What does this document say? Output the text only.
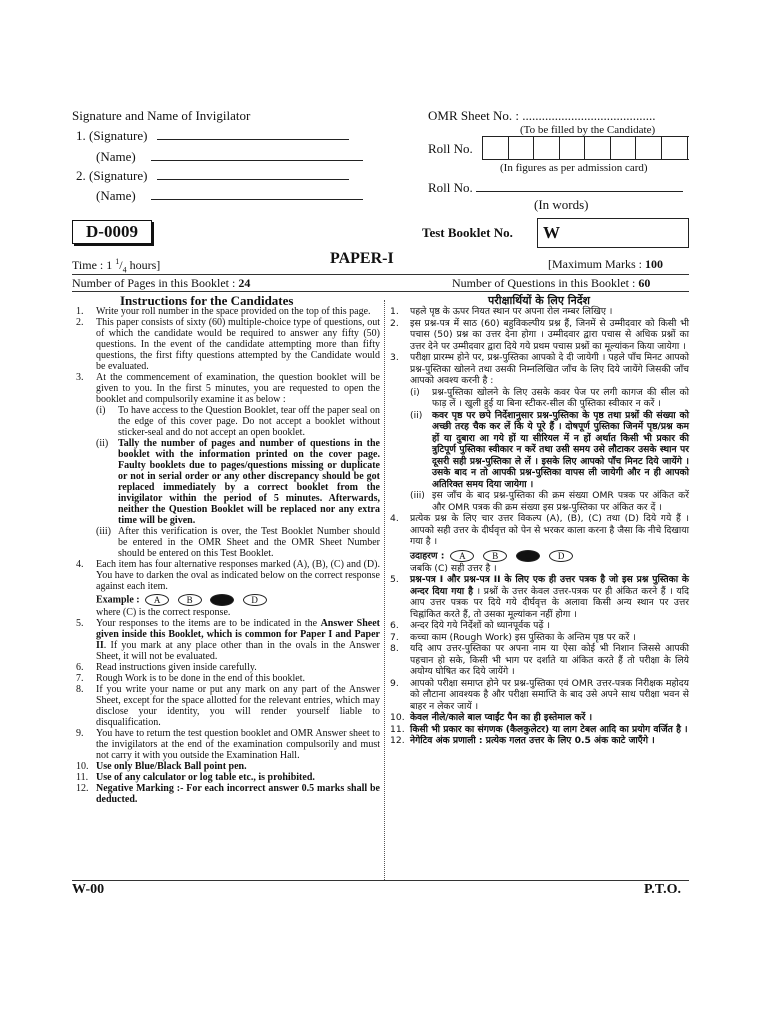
Signature and Name of Invigilator
1. (Signature)
(Name)
2. (Signature)
(Name)
OMR Sheet No. : .........................................
(To be filled by the Candidate)
Roll No.
(In figures as per admission card)
Roll No.
(In words)
D-0009	Test Booklet No. W
Time : 1 $^1/_4$ hours]	PAPER-I	[Maximum Marks : 100
Number of Pages in this Booklet : 24	Number of Questions in this Booklet : 60
Instructions for the Candidates
1. Write your roll number in the space provided on the top of this page.
2. This paper consists of sixty (60) multiple-choice type of questions, out of which the candidate would be required to answer any fifty (50) questions. In the event of the candidate attempting more than fifty questions, the first fifty questions attempted by the Candidate would be evaluated.
3. At the commencement of examination, the question booklet will be given to you. In the first 5 minutes, you are requested to open the booklet and compulsorily examine it as below :
(i) To have access to the Question Booklet, tear off the paper seal on the edge of this cover page. Do not accept a booklet without sticker-seal and do not accept an open booklet.
(ii) Tally the number of pages and number of questions in the booklet with the information printed on the cover page. Faulty booklets due to pages/questions missing or duplicate or not in serial order or any other discrepancy should be got replaced immediately by a correct booklet from the invigilator within the period of 5 minutes. Afterwards, neither the Question Booklet will be replaced nor any extra time will be given.
(iii) After this verification is over, the Test Booklet Number should be entered in the OMR Sheet and the OMR Sheet Number should be entered on this Test Booklet.
4. Each item has four alternative responses marked (A), (B), (C) and (D). You have to darken the oval as indicated below on the correct response against each item.
Example : A	B	C	D
where (C) is the correct response.
5. Your responses to the items are to be indicated in the Answer Sheet given inside this Booklet, which is common for Paper I and Paper II. If you mark at any place other than in the ovals in the Answer Sheet, it will not be evaluated.
6. Read instructions given inside carefully.
7. Rough Work is to be done in the end of this booklet.
8. If you write your name or put any mark on any part of the Answer Sheet, except for the space allotted for the relevant entries, which may disclose your identity, you will render yourself liable to disqualification.
9. You have to return the test question booklet and OMR Answer sheet to the invigilators at the end of the examination compulsorily and must not carry it with you outside the Examination Hall.
10. Use only Blue/Black Ball point pen.
11. Use of any calculator or log table etc., is prohibited.
12. Negative Marking :- For each incorrect answer 0.5 marks shall be deducted.
परीक्षार्थियों के लिए निर्देश
1. पहले पृष्ठ के ऊपर नियत स्थान पर अपना रोल नम्बर लिखिए ।
2. इस प्रश्न-पत्र में साठ (60) बहुविकल्पीय प्रश्न हैं, जिनमें से उम्मीदवार को किसी भी पचास (50) प्रश्न का उत्तर देना होगा । उम्मीदवार द्वारा पचास से अधिक प्रश्नों का उत्तर देने पर उम्मीदवार द्वारा दिये गये प्रथम पचास प्रश्नों का मूल्यांकन किया जायेगा ।
3. परीक्षा प्रारम्भ होने पर, प्रश्न-पुस्तिका आपको दे दी जायेगी । पहले पाँच मिनट आपको प्रश्न-पुस्तिका खोलने तथा उसकी निम्नलिखित जाँच के लिए दिये जायेंगे जिसकी जाँच आपको अवश्य करनी है :
(i) प्रश्न-पुस्तिका खोलने के लिए उसके कवर पेज पर लगी कागज की सील को फाड़ लें । खुली हुई या बिना स्टीकर-सील की पुस्तिका स्वीकार न करें ।
(ii) कवर पृष्ठ पर छपे निर्देशानुसार प्रश्न-पुस्तिका के पृष्ठ तथा प्रश्नों की संख्या को अच्छी तरह चैक कर लें कि ये पूरे हैं । दोषपूर्ण पुस्तिका जिनमें पृष्ठ/प्रश्न कम हों या दुबारा आ गये हों या सीरियल में न हों अर्थात किसी भी प्रकार की त्रुटिपूर्ण पुस्तिका स्वीकार न करें तथा उसी समय उसे लौटाकर उसके स्थान पर दूसरी सही प्रश्न-पुस्तिका ले लें । इसके लिए आपको पाँच मिनट दिये जायेंगे । उसके बाद न तो आपकी प्रश्न-पुस्तिका वापस ली जायेगी और न ही आपको अतिरिक्त समय दिया जायेगा ।
(iii) इस जाँच के बाद प्रश्न-पुस्तिका की क्रम संख्या OMR पत्रक पर अंकित करें और OMR पत्रक की क्रम संख्या इस प्रश्न-पुस्तिका पर अंकित कर दें ।
4. प्रत्येक प्रश्न के लिए चार उत्तर विकल्प (A), (B), (C) तथा (D) दिये गये हैं । आपको सही उत्तर के दीर्घवृत्त को पेन से भरकर काला करना है जैसा कि नीचे दिखाया गया है ।
उदाहरण : A	B	C	D
जबकि (C) सही उत्तर है ।
5. प्रश्न-पत्र I और प्रश्न-पत्र II के लिए एक ही उत्तर पत्रक है जो इस प्रश्न पुस्तिका के अन्दर दिया गया है । प्रश्नों के उत्तर केवल उत्तर-पत्रक पर ही अंकित करने हैं । यदि आप उत्तर पत्रक पर दिये गये दीर्घवृत्त के अलावा किसी अन्य स्थान पर उत्तर चिह्नांकित करते हैं, तो उसका मूल्यांकन नहीं होगा ।
6. अन्दर दिये गये निर्देशों को ध्यानपूर्वक पढ़ें ।
7. कच्चा काम (Rough Work) इस पुस्तिका के अन्तिम पृष्ठ पर करें ।
8. यदि आप उत्तर-पुस्तिका पर अपना नाम या ऐसा कोई भी निशान जिससे आपकी पहचान हो सके, किसी भी भाग पर दर्शाते या अंकित करते हैं तो परीक्षा के लिये अयोग्य घोषित कर दिये जायेंगे ।
9. आपको परीक्षा समाप्त होने पर प्रश्न-पुस्तिका एवं OMR उत्तर-पत्रक निरीक्षक महोदय को लौटाना आवश्यक है और परीक्षा समाप्ति के बाद उसे अपने साथ परीक्षा भवन से बाहर न लेकर जायें ।
10. केवल नीले/काले बाल प्वाईंट पैन का ही इस्तेमाल करें ।
11. किसी भी प्रकार का संगणक (कैलकुलेटर) या लाग टेबल आदि का प्रयोग वर्जित है ।
12. नेगेटिव अंक प्रणाली : प्रत्येक गलत उत्तर के लिए 0.5 अंक काटे जाएँगे ।
W-00	P.T.O.
